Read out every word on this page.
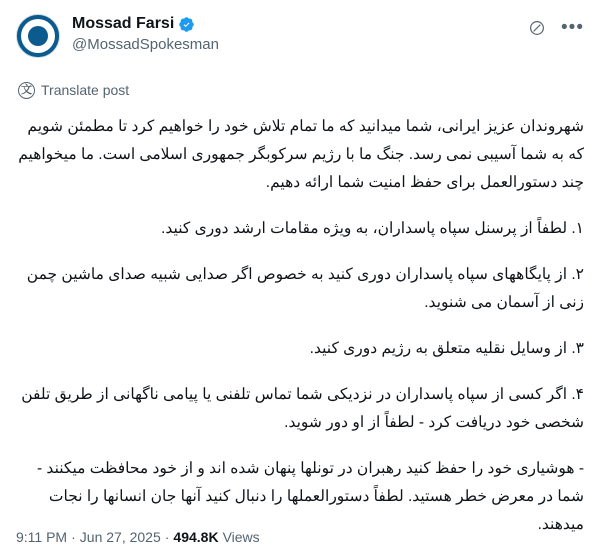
Mossad Farsi
@MossadSpokesman
•••
文 Translate post

شهروندان عزیز ایرانی، شما میدانید که ما تمام تلاش خود را خواهیم کرد تا مطمئن شویم که به شما آسیبی نمی رسد. جنگ ما با رژیم سرکوبگر جمهوری اسلامی است. ما میخواهیم چند دستورالعمل برای حفظ امنیت شما ارائه دهیم.

۱. لطفاً از پرسنل سپاه پاسداران، به ویژه مقامات ارشد دوری کنید.

۲. از پایگاههای سپاه پاسداران دوری کنید به خصوص اگر صدایی شبیه صدای ماشین چمن زنی از آسمان می شنوید.

۳. از وسایل نقلیه متعلق به رژیم دوری کنید.

۴. اگر کسی از سپاه پاسداران در نزدیکی شما تماس تلفنی یا پیامی ناگهانی از طریق تلفن شخصی خود دریافت کرد - لطفاً از او دور شوید.

- هوشیاری خود را حفظ کنید رهبران در تونلها پنهان شده اند و از خود محافظت میکنند - شما در معرض خطر هستید. لطفاً دستورالعملها را دنبال کنید آنها جان انسانها را نجات میدهند.

9:11 PM · Jun 27, 2025 · 494.8K Views
